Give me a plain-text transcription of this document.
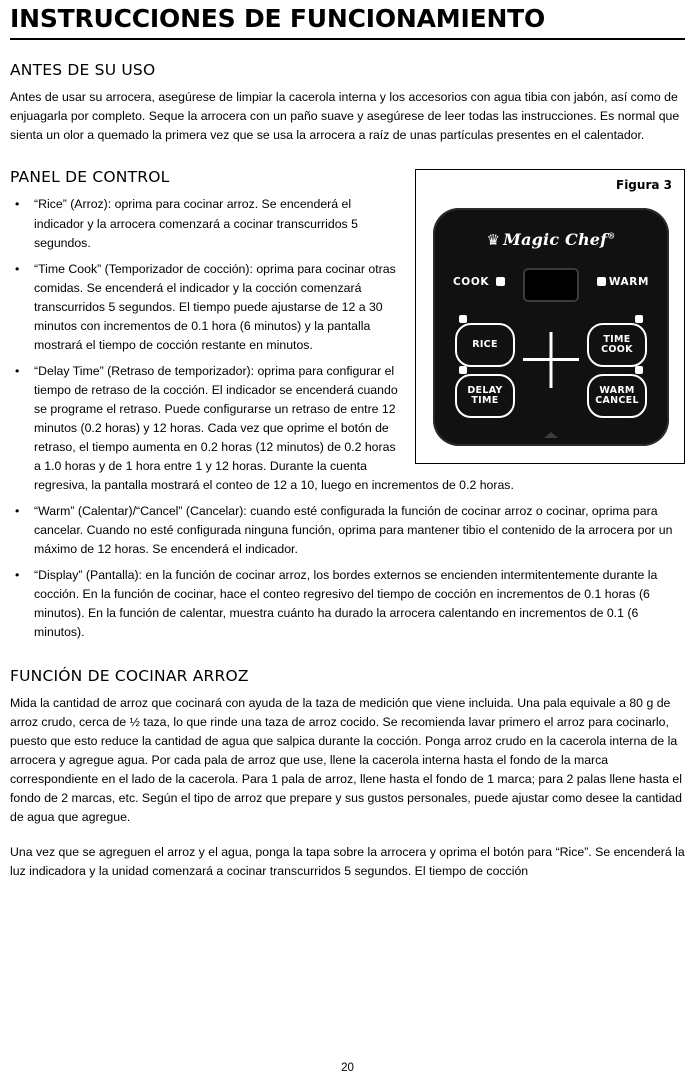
INSTRUCCIONES DE FUNCIONAMIENTO
ANTES DE SU USO

Antes de usar su arrocera, asegúrese de limpiar la cacerola interna y los accesorios con agua tibia con jabón, así como de enjuagarla por completo. Seque la arrocera con un paño suave y asegúrese de leer todas las instrucciones. Es normal que sienta un olor a quemado la primera vez que se usa la arrocera a raíz de unas partículas presentes en el calentador.

Figura 3
♛ Magic Chef®
COOK	WARM
RICE	TIME
COOK
DELAY
TIME
WARM
CANCEL
PANEL DE CONTROL
• “Rice” (Arroz): oprima para cocinar arroz. Se encenderá el indicador y la arrocera comenzará a cocinar transcurridos 5 segundos.
• “Time Cook” (Temporizador de cocción): oprima para cocinar otras comidas. Se encenderá el indicador y la cocción comenzará transcurridos 5 segundos. El tiempo puede ajustarse de 12 a 30 minutos con incrementos de 0.1 hora (6 minutos) y la pantalla mostrará el tiempo de cocción restante en minutos.
• “Delay Time” (Retraso de temporizador): oprima para configurar el tiempo de retraso de la cocción. El indicador se encenderá cuando se programe el retraso. Puede configurarse un retraso de entre 12 minutos (0.2 horas) y 12 horas. Cada vez que oprime el botón de retraso, el tiempo aumenta en 0.2 horas (12 minutos) de 0.2 horas a 1.0 horas y de 1 hora entre 1 y 12 horas. Durante la cuenta regresiva, la pantalla mostrará el conteo de 12 a 10, luego en incrementos de 0.2 horas.
• “Warm” (Calentar)/“Cancel” (Cancelar): cuando esté configurada la función de cocinar arroz o cocinar, oprima para cancelar. Cuando no esté configurada ninguna función, oprima para mantener tibio el contenido de la arrocera por un máximo de 12 horas. Se encenderá el indicador.
• “Display” (Pantalla): en la función de cocinar arroz, los bordes externos se encienden intermitentemente durante la cocción. En la función de cocinar, hace el conteo regresivo del tiempo de cocción en incrementos de 0.1 horas (6 minutos). En la función de calentar, muestra cuánto ha durado la arrocera calentando en incrementos de 0.1 (6 minutos).
FUNCIÓN DE COCINAR ARROZ

Mida la cantidad de arroz que cocinará con ayuda de la taza de medición que viene incluida. Una pala equivale a 80 g de arroz crudo, cerca de ½ taza, lo que rinde una taza de arroz cocido. Se recomienda lavar primero el arroz para cocinarlo, puesto que esto reduce la cantidad de agua que salpica durante la cocción. Ponga arroz crudo en la cacerola interna de la arrocera y agregue agua. Por cada pala de arroz que use, llene la cacerola interna hasta el fondo de la marca correspondiente en el lado de la cacerola. Para 1 pala de arroz, llene hasta el fondo de 1 marca; para 2 palas llene hasta el fondo de 2 marcas, etc. Según el tipo de arroz que prepare y sus gustos personales, puede ajustar como desee la cantidad de agua que agregue.

Una vez que se agreguen el arroz y el agua, ponga la tapa sobre la arrocera y oprima el botón para “Rice”. Se encenderá la luz indicadora y la unidad comenzará a cocinar transcurridos 5 segundos. El tiempo de cocción

20
